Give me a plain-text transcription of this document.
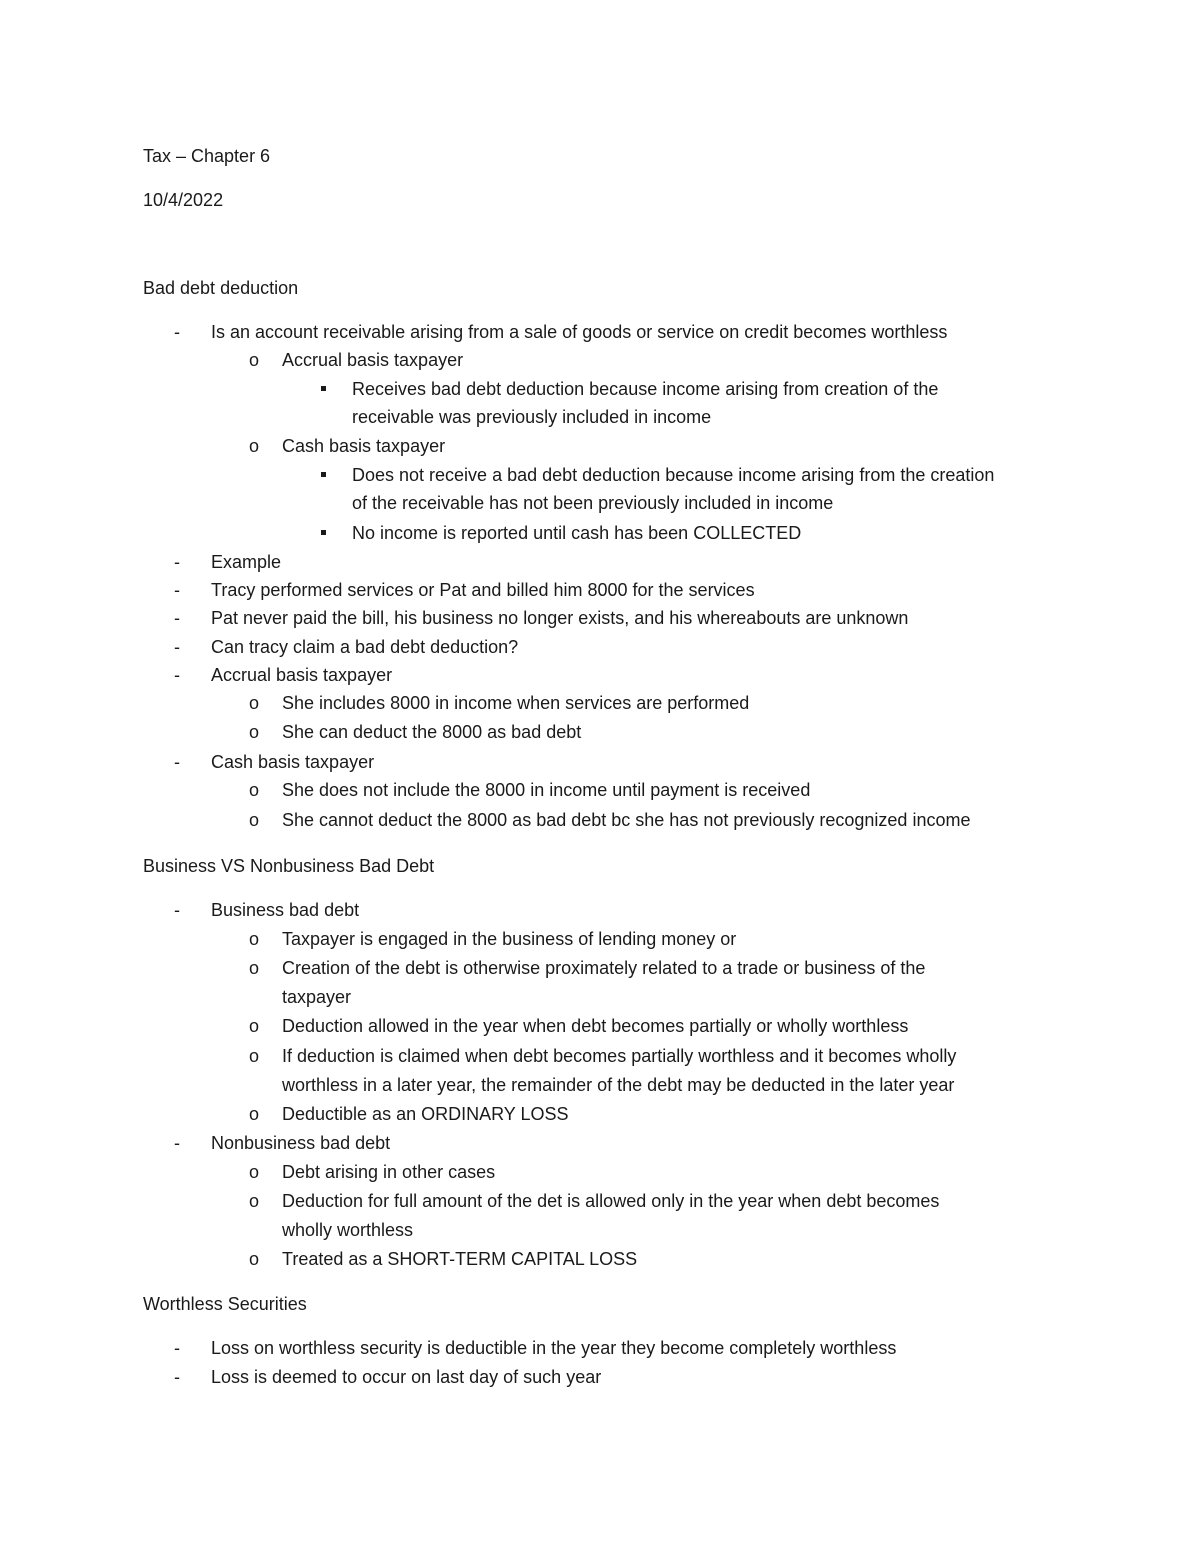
Tax – Chapter 6
10/4/2022
Bad debt deduction
- Is an account receivable arising from a sale of goods or service on credit becomes worthless
o Accrual basis taxpayer
Receives bad debt deduction because income arising from creation of the
receivable was previously included in income
o Cash basis taxpayer
Does not receive a bad debt deduction because income arising from the creation
of the receivable has not been previously included in income
No income is reported until cash has been COLLECTED
- Example
- Tracy performed services or Pat and billed him 8000 for the services
- Pat never paid the bill, his business no longer exists, and his whereabouts are unknown
- Can tracy claim a bad debt deduction?
- Accrual basis taxpayer
o She includes 8000 in income when services are performed
o She can deduct the 8000 as bad debt
- Cash basis taxpayer
o She does not include the 8000 in income until payment is received
o She cannot deduct the 8000 as bad debt bc she has not previously recognized income
Business VS Nonbusiness Bad Debt
- Business bad debt
o Taxpayer is engaged in the business of lending money or
o Creation of the debt is otherwise proximately related to a trade or business of the
taxpayer
o Deduction allowed in the year when debt becomes partially or wholly worthless
o If deduction is claimed when debt becomes partially worthless and it becomes wholly
worthless in a later year, the remainder of the debt may be deducted in the later year
o Deductible as an ORDINARY LOSS
- Nonbusiness bad debt
o Debt arising in other cases
o Deduction for full amount of the det is allowed only in the year when debt becomes
wholly worthless
o Treated as a SHORT-TERM CAPITAL LOSS
Worthless Securities
- Loss on worthless security is deductible in the year they become completely worthless
- Loss is deemed to occur on last day of such year
